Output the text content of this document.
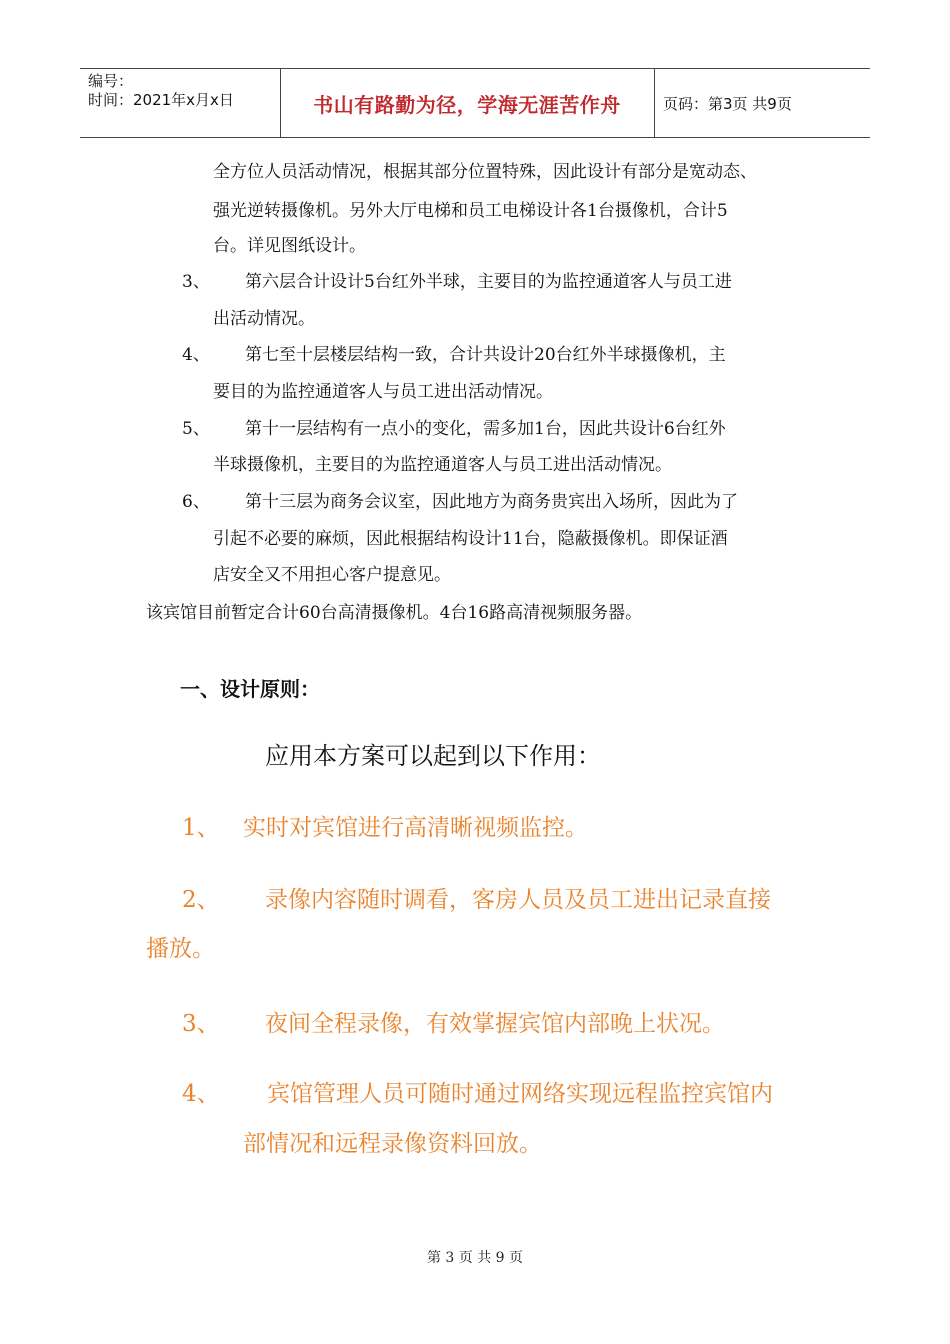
编号：
时间：2021年x月x日	书山有路勤为径，学海无涯苦作舟	页码：第3页 共9页
全方位人员活动情况，根据其部分位置特殊，因此设计有部分是宽动态、
强光逆转摄像机。另外大厅电梯和员工电梯设计各1台摄像机，合计5
台。详见图纸设计。
3、 第六层合计设计5台红外半球，主要目的为监控通道客人与员工进
出活动情况。
4、 第七至十层楼层结构一致，合计共设计20台红外半球摄像机，主
要目的为监控通道客人与员工进出活动情况。
5、 第十一层结构有一点小的变化，需多加1台，因此共设计6台红外
半球摄像机，主要目的为监控通道客人与员工进出活动情况。
6、 第十三层为商务会议室，因此地方为商务贵宾出入场所，因此为了
引起不必要的麻烦，因此根据结构设计11台，隐蔽摄像机。即保证酒
店安全又不用担心客户提意见。
该宾馆目前暂定合计60台高清摄像机。4台16路高清视频服务器。
一、设计原则：
应用本方案可以起到以下作用：
1、 实时对宾馆进行高清晰视频监控。
2、 录像内容随时调看，客房人员及员工进出记录直接
播放。
3、 夜间全程录像，有效掌握宾馆内部晚上状况。
4、 宾馆管理人员可随时通过网络实现远程监控宾馆内
部情况和远程录像资料回放。
第 3 页 共 9 页
